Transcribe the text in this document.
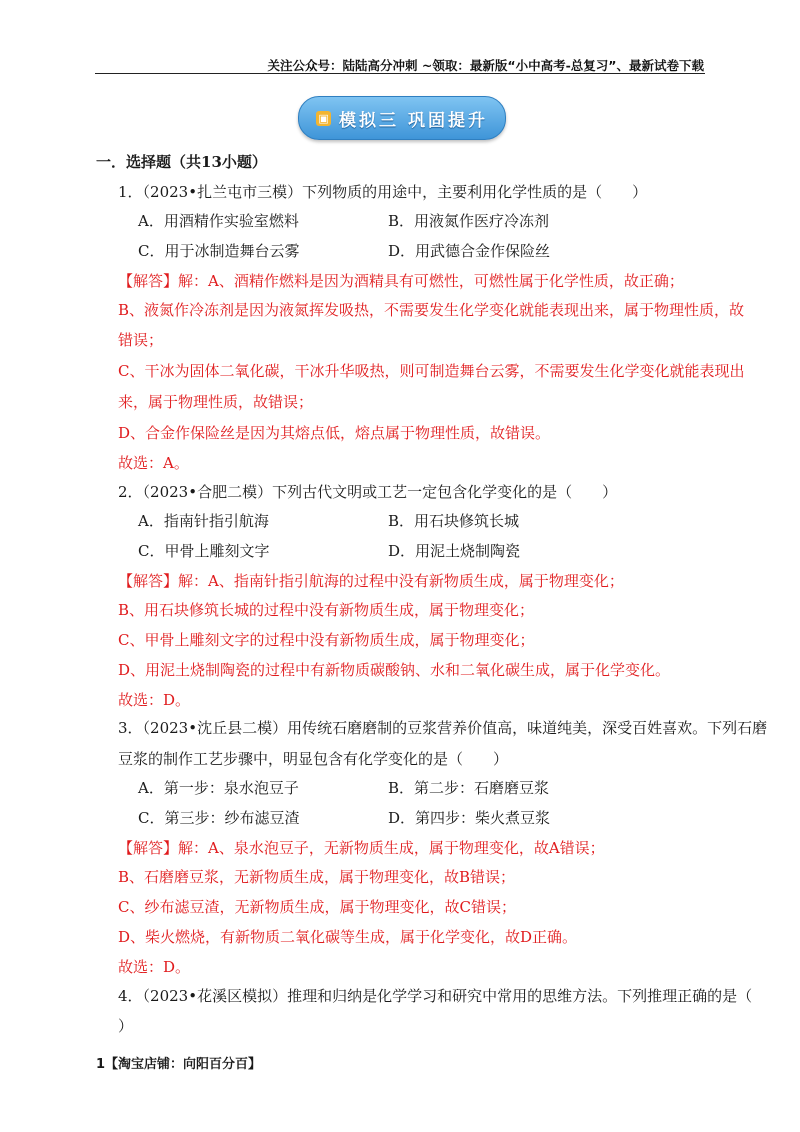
关注公众号：陆陆高分冲刺 ~领取：最新版“小中高考-总复习”、最新试卷下载
▣ 模拟三 巩固提升
一．选择题（共13小题）
1．（2023•扎兰屯市三模）下列物质的用途中，主要利用化学性质的是（　　）
A．用酒精作实验室燃料	B．用液氮作医疗冷冻剂
C．用于冰制造舞台云雾	D．用武德合金作保险丝
【解答】解：A、酒精作燃料是因为酒精具有可燃性，可燃性属于化学性质，故正确；
B、液氮作冷冻剂是因为液氮挥发吸热，不需要发生化学变化就能表现出来，属于物理性质，故
错误；
C、干冰为固体二氧化碳，干冰升华吸热，则可制造舞台云雾，不需要发生化学变化就能表现出
来，属于物理性质，故错误；
D、合金作保险丝是因为其熔点低，熔点属于物理性质，故错误。
故选：A。
2．（2023•合肥二模）下列古代文明或工艺一定包含化学变化的是（　　）
A．指南针指引航海	B．用石块修筑长城
C．甲骨上雕刻文字	D．用泥土烧制陶瓷
【解答】解：A、指南针指引航海的过程中没有新物质生成，属于物理变化；
B、用石块修筑长城的过程中没有新物质生成，属于物理变化；
C、甲骨上雕刻文字的过程中没有新物质生成，属于物理变化；
D、用泥土烧制陶瓷的过程中有新物质碳酸钠、水和二氧化碳生成，属于化学变化。
故选：D。
3．（2023•沈丘县二模）用传统石磨磨制的豆浆营养价值高，味道纯美，深受百姓喜欢。下列石磨
豆浆的制作工艺步骤中，明显包含有化学变化的是（　　）
A．第一步：泉水泡豆子	B．第二步：石磨磨豆浆
C．第三步：纱布滤豆渣	D．第四步：柴火煮豆浆
【解答】解：A、泉水泡豆子，无新物质生成，属于物理变化，故A错误；
B、石磨磨豆浆，无新物质生成，属于物理变化，故B错误；
C、纱布滤豆渣，无新物质生成，属于物理变化，故C错误；
D、柴火燃烧，有新物质二氧化碳等生成，属于化学变化，故D正确。
故选：D。
4．（2023•花溪区模拟）推理和归纳是化学学习和研究中常用的思维方法。下列推理正确的是（
）
1【淘宝店铺：向阳百分百】
